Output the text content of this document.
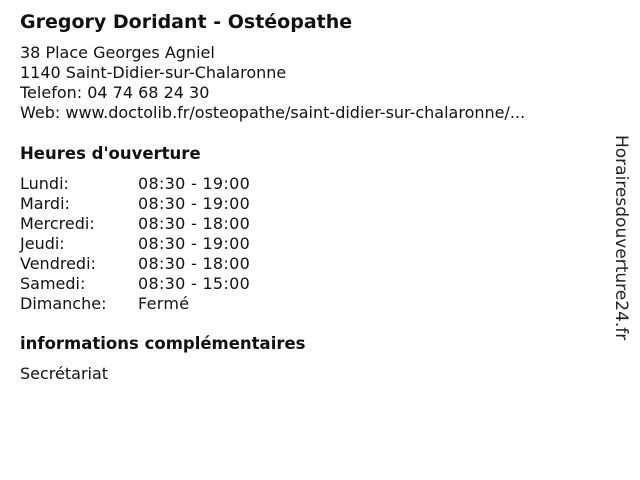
Gregory Doridant - Ostéopathe
38 Place Georges Agniel
1140 Saint-Didier-sur-Chalaronne
Telefon: 04 74 68 24 30
Web: www.doctolib.fr/osteopathe/saint-didier-sur-chalaronne/...
Heures d'ouverture
Lundi:	08:30 - 19:00
Mardi:	08:30 - 19:00
Mercredi:	08:30 - 18:00
Jeudi:	08:30 - 19:00
Vendredi:	08:30 - 18:00
Samedi:	08:30 - 15:00
Dimanche:	Fermé
informations complémentaires
Secrétariat
Horairesdouverture24.fr
